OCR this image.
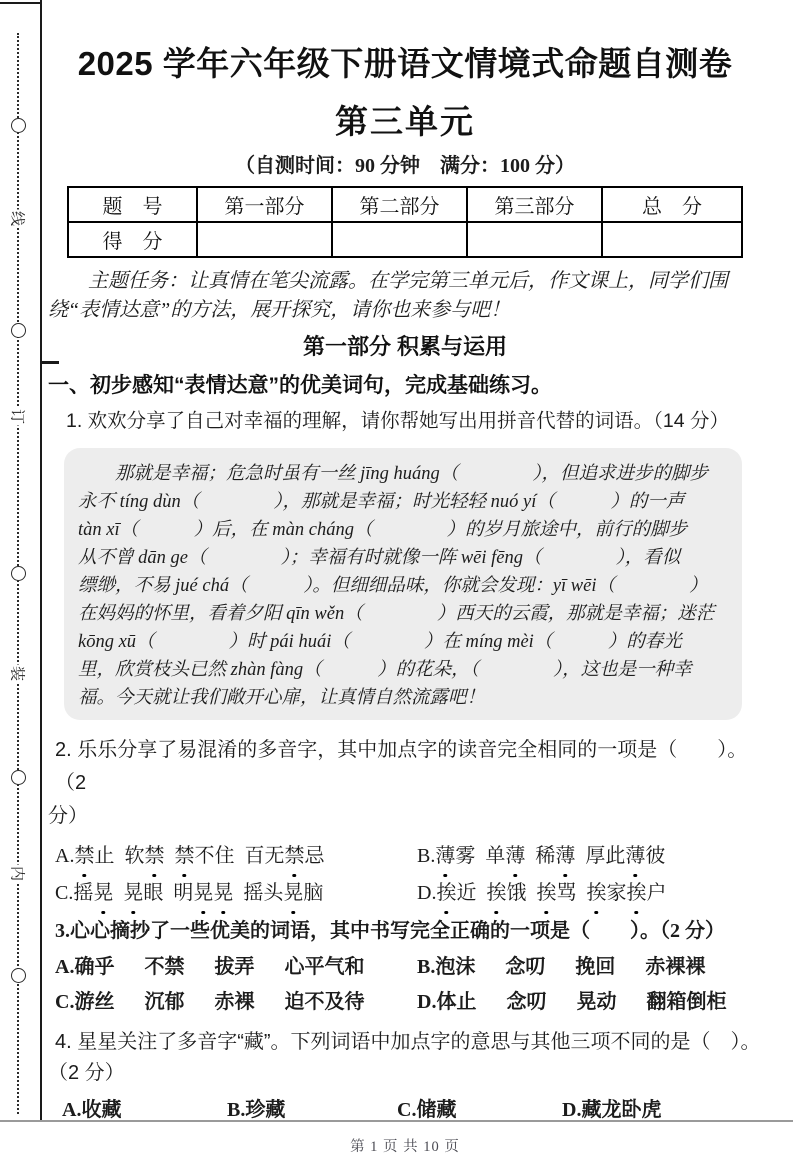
线
订
装
内
2025 学年六年级下册语文情境式命题自测卷
第三单元
（自测时间：90 分钟　满分：100 分）
题　号	第一部分	第二部分	第三部分	总　分
得　分				

主题任务：让真情在笔尖流露。在学完第三单元后，作文课上，同学们围绕“表情达意”的方法，展开探究，请你也来参与吧！

第一部分 积累与运用
一、初步感知“表情达意”的优美词句，完成基础练习。
1. 欢欢分享了自己对幸福的理解，请你帮她写出用拼音代替的词语。（14 分）
那就是幸福；危急时虽有一丝 jīng huáng（　　　　），但追求进步的脚步
永不 tíng dùn（　　　　），那就是幸福；时光轻轻 nuó yí（　　　）的一声
tàn xī（　　　）后，在 màn cháng（　　　　）的岁月旅途中，前行的脚步
从不曾 dān ge（　　　　）；幸福有时就像一阵 wēi fēng（　　　　），看似
缥缈，不易 jué chá（　　　）。但细细品味，你就会发现：yī wēi（　　　　）
在妈妈的怀里，看着夕阳 qīn wěn（　　　　）西天的云霞，那就是幸福；迷茫
kōng xū（　　　　）时 pái huái（　　　　）在 míng mèi（　　　）的春光
里，欣赏枝头已然 zhàn fàng（　　　）的花朵，（　　　　），这也是一种幸
福。今天就让我们敞开心扉，让真情自然流露吧！
2. 乐乐分享了易混淆的多音字，其中加点字的读音完全相同的一项是（　　）。（2
分）
A.禁止 软禁  禁不住 百无禁忌	B.薄雾 单薄 稀薄 厚此薄彼
C.摇晃  晃眼 明晃晃 摇头晃脑	D.挨近 挨饿 挨骂 挨家挨户
3.心心摘抄了一些优美的词语，其中书写完全正确的一项是（　　）。（2 分）
A.确乎　 不禁　 拔弄　 心平气和	B.泡沫　 念叨　 挽回　 赤裸裸
C.游丝　 沉郁　 赤裸　 迫不及待	D.体止　 念叨　 晃动　 翻箱倒柜
4. 星星关注了多音字“藏”。下列词语中加点字的意思与其他三项不同的是（　）。
（2 分）
A.收藏	B.珍藏	C.储藏	D.藏龙卧虎
第 1 页 共 10 页
